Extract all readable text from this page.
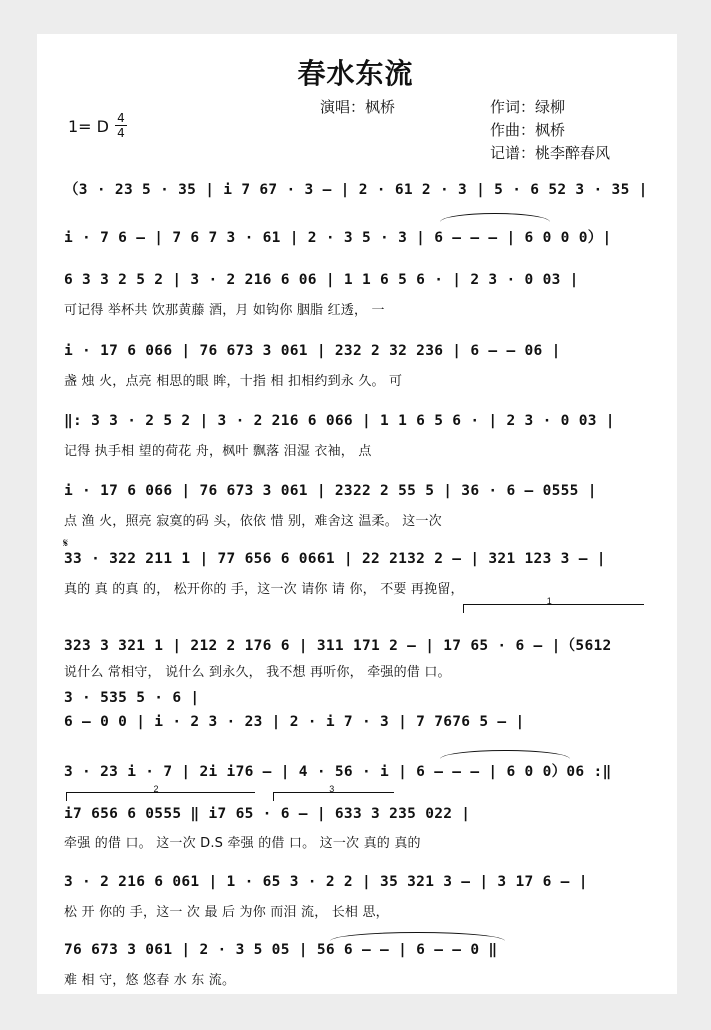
春水东流
演唱：枫桥	作词：绿柳
作曲：枫桥
记谱：桃李醉春风
1= D 4
4
（3 · 23 5 · 35 | i 7 67 · 3 – | 2 · 61 2 · 3 | 5 · 6 52 3 · 35 |
i · 7 6 – | 7 6 7 3 · 61 | 2 · 3 5 · 3 | 6 – – – | 6 0 0 0）|
6 3 3 2 5 2 | 3 · 2 216 6 06 | 1 1 6 5 6 · | 2 3 · 0 03 |
可记得 举杯共 饮那黄藤 酒，月 如钩你 胭脂 红透， 一
i · 17 6 066 | 76 673 3 061 | 232 2 32 236 | 6 – – 06 |
盏 烛 火，点亮 相思的眼 眸，十指 相 扣相约到永 久。 可
‖: 3 3 · 2 5 2 | 3 · 2 216 6 066 | 1 1 6 5 6 · | 2 3 · 0 03 |
记得 执手相 望的荷花 舟，枫叶 飘落 泪湿 衣袖， 点
i · 17 6 066 | 76 673 3 061 | 2322 2 55 5 | 36 · 6 – 0555 |
点 渔 火，照亮 寂寞的码 头，依依 惜 别，难舍这 温柔。 这一次
𝄋
33 · 322 211 1 | 77 656 6 0661 | 22 2132 2 – | 321 123 3 – |
真的 真 的真 的， 松开你的 手，这一次 请你 请 你， 不要 再挽留，
1
323 3 321 1 | 212 2 176 6 | 311 171 2 – | 17 65 · 6 – |（5612
说什么 常相守， 说什么 到永久， 我不想 再听你， 牵强的借 口。
3 · 535 5 · 6 |
6 – 0 0 | i · 2 3 · 23 | 2 · i 7 · 3 | 7 7676 5 – |
3 · 23 i · 7 | 2i i76 – | 4 · 56 · i | 6 – – – | 6 0 0）06 :‖
2	3
i7 656 6 0555 ‖ i7 65 · 6 – | 633 3 235 022 |
牵强 的借 口。 这一次 D.S 牵强 的借 口。 这一次 真的 真的
3 · 2 216 6 061 | 1 · 65 3 · 2 2 | 35 321 3 – | 3 17 6 – |
松 开 你的 手，这一 次 最 后 为你 而泪 流， 长相 思，
76 673 3 061 | 2 · 3 5 05 | 56 6 – – | 6 – – 0 ‖
难 相 守，悠 悠春 水 东 流。
